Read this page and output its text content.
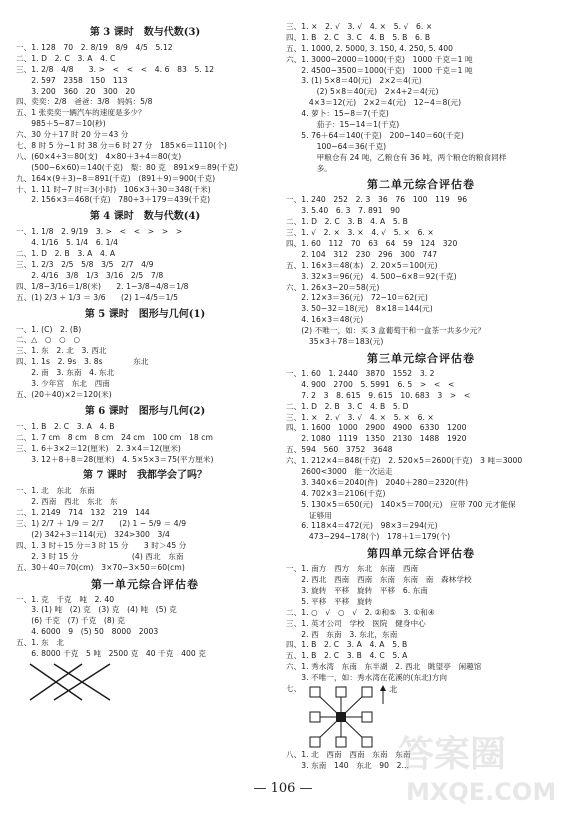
第 3 课时　数与代数(3)
一、1. 128　70　2. 8/19　8/9　4/5　5.12
二、1. D　2. C　3. A　4. C
三、1. 2/8　4/8　　3. >　<　<　<　4. 6　83　5. 12
　　2. 597　2358　150　113
　　3. 200　360　20　300　20
四、奕奕：2/8　爸爸：3/8　妈妈：5/8
五、1 张奕奕一辆汽车的速度是多少？
　　985＋5−87＝10(秒)
六、30 分＋17 时 20 分＝43 分
七、8 时 5 分−1 时 38 分＝6 时 27 分　185×6＝1110(个)
八、(60×4÷3＝80(支)　4×80＋3÷4＝80(支)
　　(500−6×60)＝140(千克)　梨：80 克　891×9＝89(千克)
九、164×(9＋3)−8＝891(千克)　(891＋9)＝900(千克)
十、1. 11 时−7 时＝3(小时)　106×3＋30＝348(千米)
　　2. 156×3＝468(千克)　780÷3＋179＝439(千克)
第 4 课时　数与代数(4)
一、1. 1/8　2. 9/19　3. >　<　<　>　>　>
　　4. 1/16　5. 1/4　6. 1/4
二、1. D　2. B　3. A　4. A
三、1. 2/3　2/5　5/8　3/5　2/7　4/9
　　2. 4/16　3/8　1/3　3/16　2/5　7/8
四、1/8−3/16＝1/8(米)　　2. 1−3/8−4/8＝1/8
五、(1) 2/3 ÷ 1/3 ＝ 3/6　　(2) 1−4/5＝1/5
第 5 课时　图形与几何(1)
一、1. (C)　2. (B)
二、△　○　○　○
三、1. 东　2. 北　3. 西北
四、1. 1s　2. 9s　3. 8s　　　　东北
　　2. 南　3. 东南　4. 东北
　　3. 少年宫　东北　西南
五、(20＋40)×2＝120(米)
第 6 课时　图形与几何(2)
一、1. B　2. C　3. A　4. B
二、1. 7 cm　8 cm　8 cm　24 cm　100 cm　18 cm
三、1. 6＋3×2＝12(厘米)　2. 3×4＝12(厘米)
　　3. 12＋8＋8＝28(厘米)　4. 5×5×3＝75(平方厘米)
第 7 课时　我都学会了吗？
一、1. 北　东北　东南
　　2. 西南　西北　东北　东
二、1. 2149　714　132　219　144
三、1) 2/7 ＋ 1/9 ＝ 2/7　　(2) 1 − 5/9 ＝ 4/9
　　(2) 342÷3＝114(元)　324>300　3/4
四、1. 3 时＋15 分＝3 时 15 分　　3 时＞45 分
　　2. 3 时 15 分　　　　　　　(4) 西北　东南
五、30＋40＝70(cm)　3×70−3×50＝60(cm)
第一单元综合评估卷
一、1. 克　千克　吨　2. 40
　　3. (1) 吨　(2) 克　(3) 克　(4) 吨　(5) 克
　　(6) 千克　(7) 千克　(8) 克
　　4. 6000　9　(5) 50　8000　2003
五、1. 东　北
　　6. 8000 千克　5 吨　2500 克　40 千克　400 克
三、1. ×　2. √　3. √　4. ×　5. √　6. ×
四、1. B　2. C　3. C　4. B　5. B　6. B
五、1. 1000, 2. 5000, 3. 150, 4. 250, 5. 400
六、1. 3000−2000＝1000(千克)　1000 千克＝1 吨
　　2. 4500−3500＝1000(千克)　1000 千克＝1 吨
　　3. (1) 5×8＝40(元)　2×2＝4(元)
　　　　(2) 5×8＝40(元)　2×4÷2＝4(元)
　　　4×3＝12(元)　2×2＝4(元)　12−4＝8(元)
　　4. 萝卜：15−8＝7(千克)
　　　　茄子：15−14＝1(千克)
　　5. 76＋64＝140(千克)　200−140＝60(千克)
　　　　100−64＝36(千克)
　　　　甲粮仓有 24 吨，乙粮仓有 36 吨，两个粮仓的粮食同样
　　　　多。
第二单元综合评估卷
一、1. 240　252　2. 3　36　76　100　119　96
　　3. 5.40　6. 3　7. 891　90
二、1. D　2. C　3. B　4. A　5. B
三、1. √　2. ×　3. ×　4. √　5. ×　6. ×
四、1. 60　112　70　63　64　59　124　320
　　2. 104　312　230　296　300　747
五、1. 16×3＝48(本)　2. 20×5＝100(元)
　　3. 32×3＝96(元)　4. 500−6×8＝92(千克)
六、1. 26×3−20＝58(元)
　　2. 12×3＝36(元)　72−10＝62(元)
　　3. 50−32＝18(元)　8×18＝144(元)
　　4. 16×3＝48(元)
　　(2) 不唯一，如：买 3 盒葡萄干和一盒茶一共多少元？
　　　35×3＋78＝183(元)
第三单元综合评估卷
一、1. 60　1. 2440　3870　1552　3. 2
　　4. 900　2700　5. 5991　6. 5　>　<　<
　　7. 2　3　8. 615　9. 615　10. 683　3　>　<
二、1. D　2. B　3. C　4. B　5. D
三、1. ×　2. √　3. √　4. ×　5. ×　6. ×
四、1. 1600　1000　2900　4900　6330　1200
　　2. 1080　1119　1350　2130　1488　1920
五、594　560　3752　3648
六、1. 212×4＝848(千克)　2. 520×5＝2600(千克)　3 吨＝3000
　　2600<3000　能一次运走
　　3. 340×6＝2040(件)　2040＋280＝2320(件)
　　4. 702×3＝2106(千克)
　　5. 130×5＝650(元)　140×5＝700(元)　应带 700 元才能保
　　　证够用
　　6. 118×4＝472(元)　98×3＝294(元)
　　　473−294−178(个)　178＋1＝179(个)
第四单元综合评估卷
一、1. 南方　西方　东北　东南　西南
　　2. 西北　西南　西南　东南　东南　南　森林学校
　　3. 旋转　平移　旋转　平移　6. 东南
　　5. 平移　平移　旋转
二、1. ○　√　○　√　2. ②和⑤　3. ①和④
三、1. 英才公司　学校　医院　健身中心
　　2. 西　东南　3. 东北，东南
四、1. B　2. C　3. A　4. A　5. B
五、1. B　2. C　3. B　4. C　5. A
六、1. 秀水湾　东南　东半湖　2. 西北　眺望亭　闲趣馆
　　3. 不唯一，如：秀水湾在花溪的(东北)方向
七、	北
八、1. 北　西南　西南　东南　东南
　　3. 东南　140　东北　90　2...
— 106 —
答案圈
MXQE.COM
